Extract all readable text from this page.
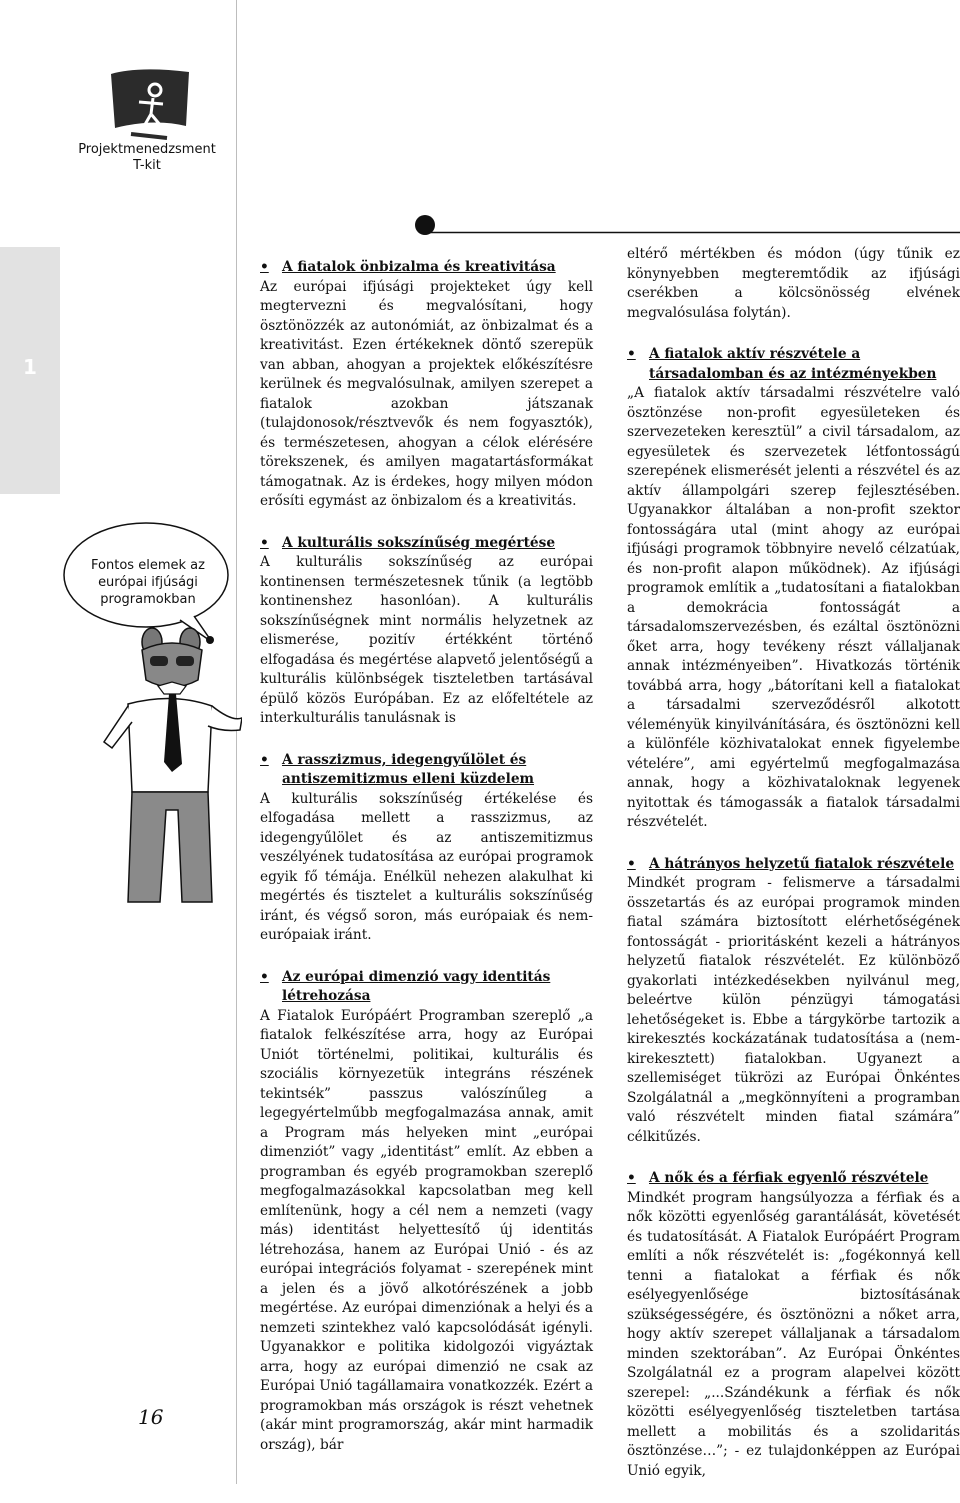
Projektmenedzsment
T-kit
1
Fontos elemek az európai ifjúsági programokban
16
• A fiatalok önbizalma és kreativitása

Az európai ifjúsági projekteket úgy kell megtervezni és megvalósítani, hogy ösztönözzék az autonómiát, az önbizalmat és a kreativitást. Ezen értékeknek döntő szerepük van abban, ahogyan a projektek előkészítésre kerülnek és megvalósulnak, amilyen szerepet a fiatalok azokban játszanak (tulajdonosok/résztvevők és nem fogyasztók), és természetesen, ahogyan a célok elérésére törekszenek, és amilyen magatartásformákat támogatnak. Az is érdekes, hogy milyen módon erősíti egymást az önbizalom és a kreativitás.

• A kulturális sokszínűség megértése

A kulturális sokszínűség az európai kontinensen természetesnek tűnik (a legtöbb kontinenshez hasonlóan). A kulturális sokszínűségnek mint normális helyzetnek az elismerése, pozitív értékként történő elfogadása és megértése alapvető jelentőségű a kulturális különbségek tiszteletben tartásával épülő közös Európában. Ez az előfeltétele az interkulturális tanulásnak is

• A rasszizmus, idegengyűlölet és antiszemitizmus elleni küzdelem

A kulturális sokszínűség értékelése és elfogadása mellett a rasszizmus, az idegengyűlölet és az antiszemitizmus veszélyének tudatosítása az európai programok egyik fő témája. Enélkül nehezen alakulhat ki megértés és tisztelet a kulturális sokszínűség iránt, és végső soron, más európaiak és nem-európaiak iránt.

• Az európai dimenzió vagy identitás létrehozása

A Fiatalok Európáért Programban szereplő „a fiatalok felkészítése arra, hogy az Európai Uniót történelmi, politikai, kulturális és szociális környezetük integráns részének tekintsék” passzus valószínűleg a legegyértelműbb megfogalmazása annak, amit a Program más helyeken mint „európai dimenziót” vagy „identitást” említ. Az ebben a programban és egyéb programokban szereplő megfogalmazásokkal kapcsolatban meg kell említenünk, hogy a cél nem a nemzeti (vagy más) identitást helyettesítő új identitás létrehozása, hanem az Európai Unió - és az európai integrációs folyamat - szerepének mint a jelen és a jövő alkotórészének a jobb megértése. Az európai dimenziónak a helyi és a nemzeti szintekhez való kapcsolódását igényli. Ugyanakkor e politika kidolgozói vigyáztak arra, hogy az európai dimenzió ne csak az Európai Unió tagállamaira vonatkozzék. Ezért a programokban más országok is részt vehetnek (akár mint programország, akár mint harmadik ország), bár

eltérő mértékben és módon (úgy tűnik ez könynyebben megteremtődik az ifjúsági cserékben a kölcsönösség elvének megvalósulása folytán).

• A fiatalok aktív részvétele a társadalomban és az intézményekben

„A fiatalok aktív társadalmi részvételre való ösztönzése non-profit egyesületeken és szervezeteken keresztül” a civil társadalom, az egyesületek és szervezetek létfontosságú szerepének elismerését jelenti a részvétel és az aktív állampolgári szerep fejlesztésében. Ugyanakkor általában a non-profit szektor fontosságára utal (mint ahogy az európai ifjúsági programok többnyire nevelő célzatúak, és non-profit alapon működnek). Az ifjúsági programok említik a „tudatosítani a fiatalokban a demokrácia fontosságát a társadalomszervezésben, és ezáltal ösztönözni őket arra, hogy tevékeny részt vállaljanak annak intézményeiben”. Hivatkozás történik továbbá arra, hogy „bátorítani kell a fiatalokat a társadalmi szerveződésről alkotott véleményük kinyilvánítására, és ösztönözni kell a különféle közhivatalokat ennek figyelembe vételére”, ami egyértelmű megfogalmazása annak, hogy a közhivataloknak legyenek nyitottak és támogassák a fiatalok társadalmi részvételét.

• A hátrányos helyzetű fiatalok részvétele

Mindkét program - felismerve a társadalmi összetartás és az európai programok minden fiatal számára biztosított elérhetőségének fontosságát - prioritásként kezeli a hátrányos helyzetű fiatalok részvételét. Ez különböző gyakorlati intézkedésekben nyilvánul meg, beleértve külön pénzügyi támogatási lehetőségeket is. Ebbe a tárgykörbe tartozik a kirekesztés kockázatának tudatosítása a (nem-kirekesztett) fiatalokban. Ugyanezt a szellemiséget tükrözi az Európai Önkéntes Szolgálatnál a „megkönnyíteni a programban való részvételt minden fiatal számára” célkitűzés.

• A nők és a férfiak egyenlő részvétele

Mindkét program hangsúlyozza a férfiak és a nők közötti egyenlőség garantálását, követését és tudatosítását. A Fiatalok Európáért Program említi a nők részvételét is: „fogékonnyá kell tenni a fiatalokat a férfiak és nők esélyegyenlősége biztosításának szükségességére, és ösztönözni a nőket arra, hogy aktív szerepet vállaljanak a társadalom minden szektorában”. Az Európai Önkéntes Szolgálatnál ez a program alapelvei között szerepel: „...Szándékunk a férfiak és nők közötti esélyegyenlőség tiszteletben tartása mellett a mobilitás és a szolidaritás ösztönzése…”; - ez tulajdonképpen az Európai Unió egyik,
